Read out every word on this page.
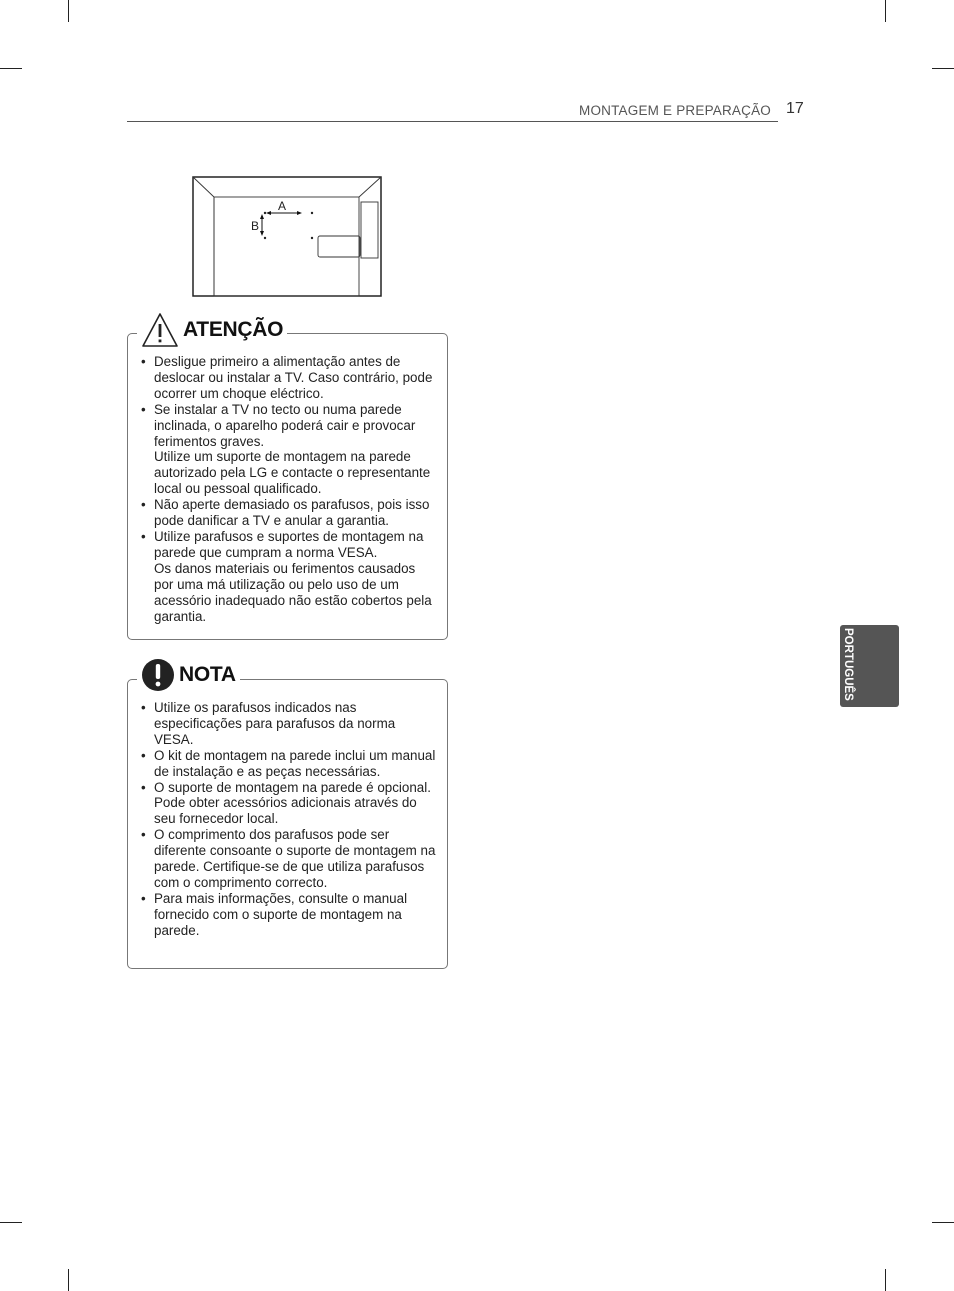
MONTAGEM E PREPARAÇÃO 17
A
B
• Desligue primeiro a alimentação antes de deslocar ou instalar a TV. Caso contrário, pode ocorrer um choque eléctrico.
• Se instalar a TV no tecto ou numa parede inclinada, o aparelho poderá cair e provocar ferimentos graves.
Utilize um suporte de montagem na parede autorizado pela LG e contacte o representante local ou pessoal qualificado.
• Não aperte demasiado os parafusos, pois isso pode danificar a TV e anular a garantia.
• Utilize parafusos e suportes de montagem na parede que cumpram a norma VESA.
Os danos materiais ou ferimentos causados por uma má utilização ou pelo uso de um acessório inadequado não estão cobertos pela garantia.
ATENÇÃO
• Utilize os parafusos indicados nas especificações para parafusos da norma VESA.
• O kit de montagem na parede inclui um manual de instalação e as peças necessárias.
• O suporte de montagem na parede é opcional. Pode obter acessórios adicionais através do seu fornecedor local.
• O comprimento dos parafusos pode ser diferente consoante o suporte de montagem na parede. Certifique-se de que utiliza parafusos com o comprimento correcto.
• Para mais informações, consulte o manual fornecido com o suporte de montagem na parede.
NOTA	PORTUGUÊS
